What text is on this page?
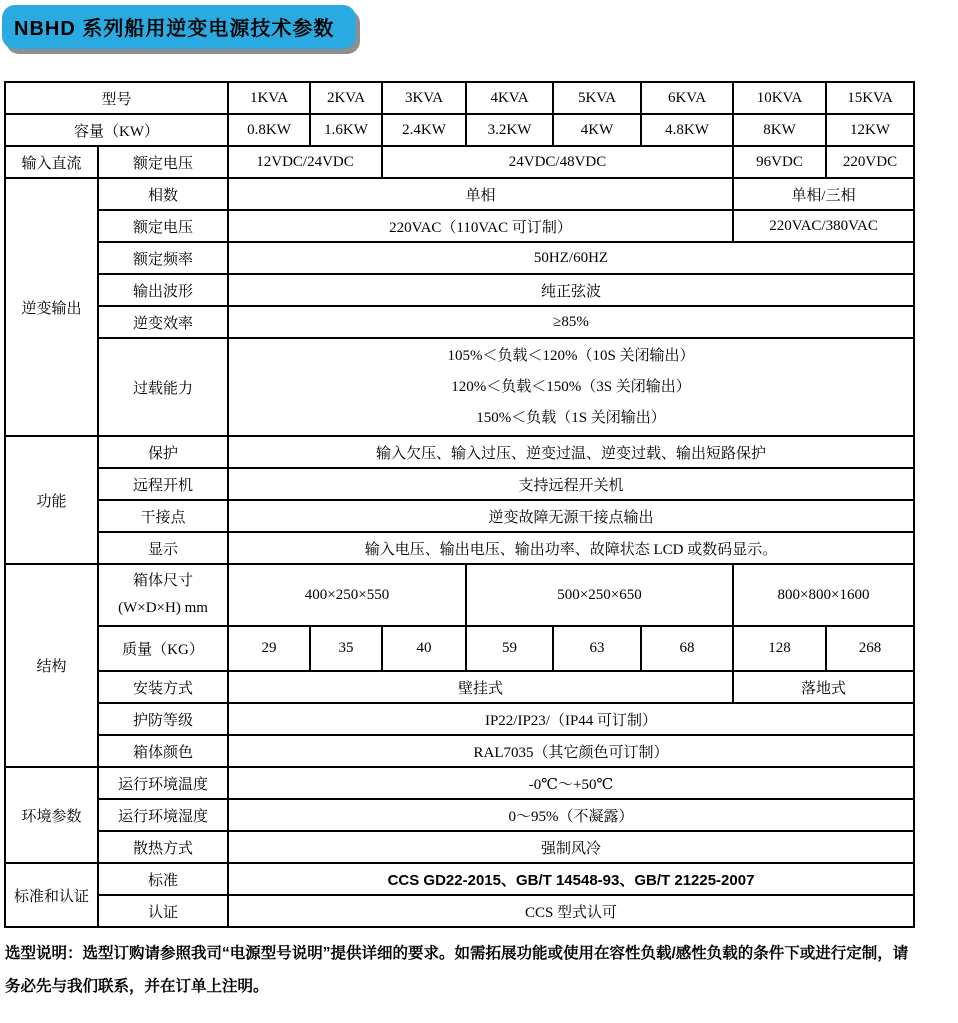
NBHD 系列船用逆变电源技术参数
型号		1KVA	2KVA	3KVA	4KVA	5KVA	6KVA	10KVA	15KVA
容量（KW）		0.8KW	1.6KW	2.4KW	3.2KW	4KW	4.8KW	8KW	12KW
输入直流	额定电压	12VDC/24VDC		24VDC/48VDC				96VDC	220VDC
逆变输出	相数	单相						单相/三相	
	额定电压	220VAC（110VAC 可订制）						220VAC/380VAC	
	额定频率	50HZ/60HZ							
	输出波形	纯正弦波							
	逆变效率	≥85%							
	过载能力	105%＜负载＜120%（10S 关闭输出）
120%＜负载＜150%（3S 关闭输出）
150%＜负载（1S 关闭输出）							

功能	保护	输入欠压、输入过压、逆变过温、逆变过载、输出短路保护							
	远程开机	支持远程开关机							
	干接点	逆变故障无源干接点输出							
	显示	输入电压、输出电压、输出功率、故障状态 LCD 或数码显示。							
结构	箱体尺寸
(W×D×H) mm	400×250×550			500×250×650			800×800×1600	
	质量（KG）	29	35	40	59	63	68	128	268
	安装方式	壁挂式						落地式	
	护防等级	IP22/IP23/（IP44 可订制）							
	箱体颜色	RAL7035（其它颜色可订制）							
环境参数	运行环境温度	-0℃～+50℃							
	运行环境湿度	0～95%（不凝露）							
	散热方式	强制风冷							
标准和认证	标准	CCS GD22-2015、GB/T 14548-93、GB/T 21225-2007							
	认证	CCS 型式认可							
选型说明：选型订购请参照我司“电源型号说明”提供详细的要求。如需拓展功能或使用在容性负载/感性负载的条件下或进行定制，请
务必先与我们联系，并在订单上注明。
